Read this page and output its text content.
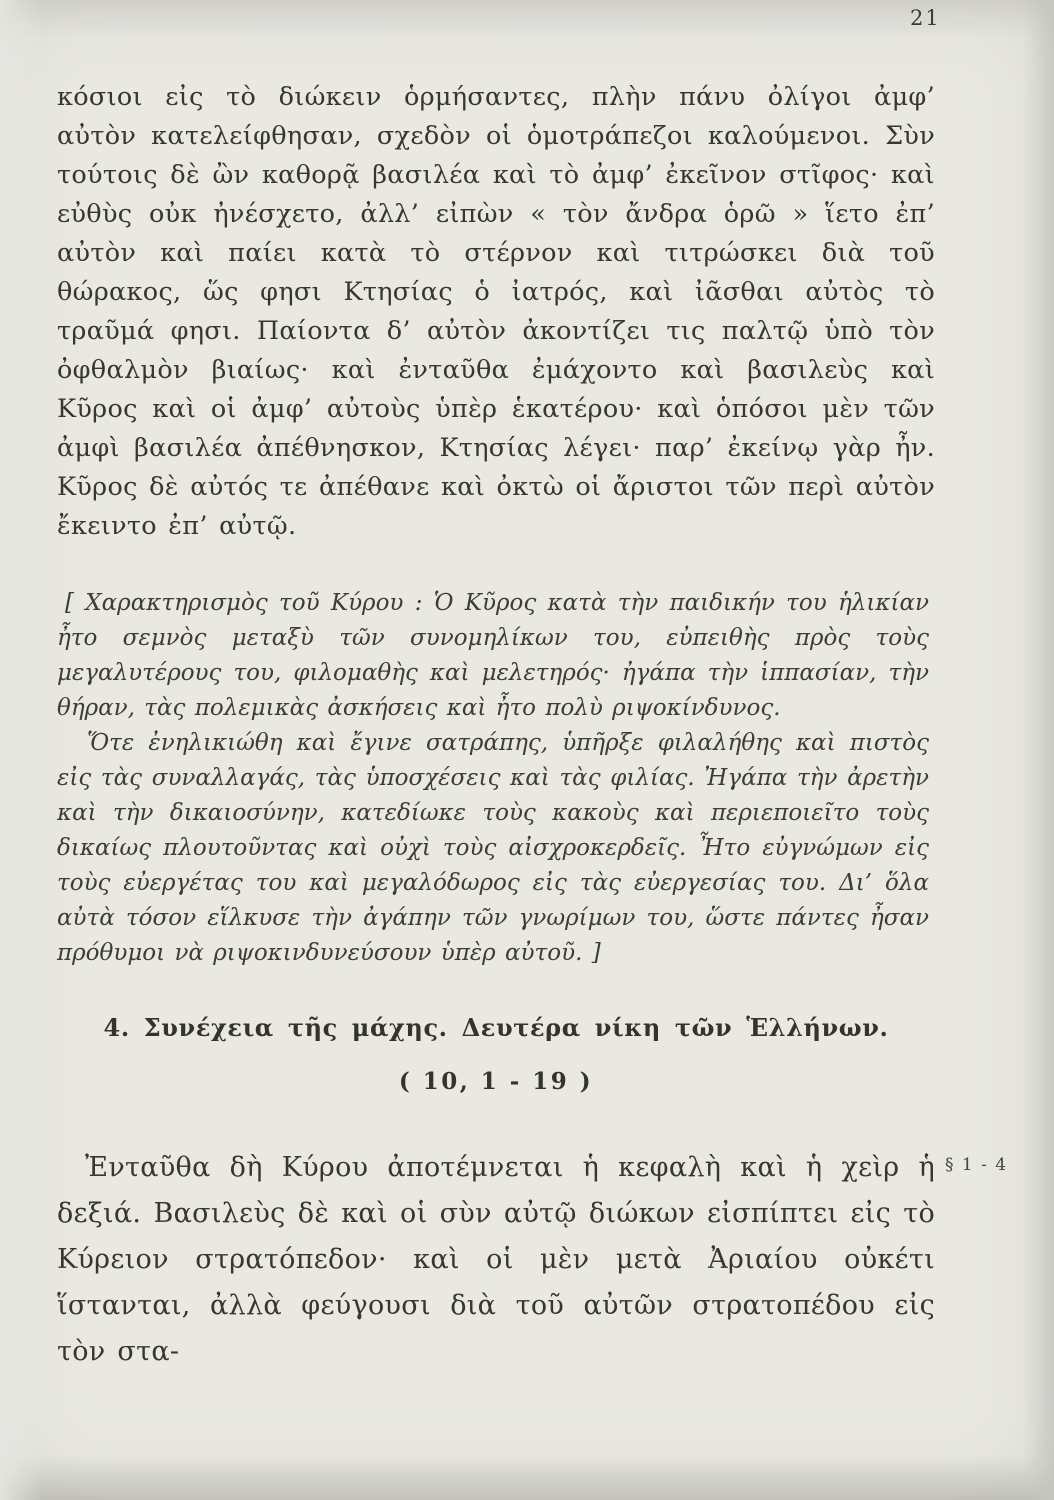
21

κόσιοι εἰς τὸ διώκειν ὁρμήσαντες, πλὴν πάνυ ὀλίγοι ἀμφ’ αὐτὸν κατελείφθησαν, σχεδὸν οἱ ὁμοτράπεζοι καλούμενοι. Σὺν τούτοις δὲ ὢν καθορᾷ βασιλέα καὶ τὸ ἀμφ’ ἐκεῖνον στῖφος· καὶ εὐθὺς οὐκ ἠνέσχετο, ἀλλ’ εἰπὼν « τὸν ἄνδρα ὁρῶ » ἵετο ἐπ’ αὐτὸν καὶ παίει κατὰ τὸ στέρνον καὶ τιτρώσκει διὰ τοῦ θώρακος, ὥς φησι Κτησίας ὁ ἰατρός, καὶ ἰᾶσθαι αὐτὸς τὸ τραῦμά φησι. Παίοντα δ’ αὐτὸν ἀκοντίζει τις παλτῷ ὑπὸ τὸν ὀφθαλμὸν βιαίως· καὶ ἐνταῦθα ἐμάχοντο καὶ βασιλεὺς καὶ Κῦρος καὶ οἱ ἀμφ’ αὐτοὺς ὑπὲρ ἑκατέρου· καὶ ὁπόσοι μὲν τῶν ἀμφὶ βασιλέα ἀπέθνησκον, Κτησίας λέγει· παρ’ ἐκείνῳ γὰρ ἦν. Κῦρος δὲ αὐτός τε ἀπέθανε καὶ ὀκτὼ οἱ ἄριστοι τῶν περὶ αὐτὸν ἔκειντο ἐπ’ αὐτῷ.

[ Χαρακτηρισμὸς τοῦ Κύρου : Ὁ Κῦρος κατὰ τὴν παιδικήν του ἡλικίαν ἦτο σεμνὸς μεταξὺ τῶν συνομηλίκων του, εὐπειθὴς πρὸς τοὺς μεγαλυτέρους του, φιλομαθὴς καὶ μελετηρός· ἠγάπα τὴν ἱππασίαν, τὴν θήραν, τὰς πολεμικὰς ἀσκήσεις καὶ ἦτο πολὺ ριψοκίνδυνος.

Ὅτε ἐνηλικιώθη καὶ ἔγινε σατράπης, ὑπῆρξε φιλαλήθης καὶ πιστὸς εἰς τὰς συναλλαγάς, τὰς ὑποσχέσεις καὶ τὰς φιλίας. Ἠγάπα τὴν ἀρετὴν καὶ τὴν δικαιοσύνην, κατεδίωκε τοὺς κακοὺς καὶ περιεποιεῖτο τοὺς δικαίως πλουτοῦντας καὶ οὐχὶ τοὺς αἰσχροκερδεῖς. Ἦτο εὐγνώμων εἰς τοὺς εὐεργέτας του καὶ μεγαλόδωρος εἰς τὰς εὐεργεσίας του. Δι’ ὅλα αὐτὰ τόσον εἵλκυσε τὴν ἀγάπην τῶν γνωρίμων του, ὥστε πάντες ἦσαν πρόθυμοι νὰ ριψοκινδυνεύσουν ὑπὲρ αὐτοῦ. ]

4. Συνέχεια τῆς μάχης. Δευτέρα νίκη τῶν Ἑλλήνων.
( 10, 1 - 19 )

Ἐνταῦθα δὴ Κύρου ἀποτέμνεται ἡ κεφαλὴ καὶ ἡ χεὶρ ἡ δεξιά. Βασιλεὺς δὲ καὶ οἱ σὺν αὐτῷ διώκων εἰσπίπτει εἰς τὸ Κύρειον στρατόπεδον· καὶ οἱ μὲν μετὰ Ἀριαίου οὐκέτι ἵστανται, ἀλλὰ φεύγουσι διὰ τοῦ αὐτῶν στρατοπέδου εἰς τὸν στα-

§ 1 - 4
